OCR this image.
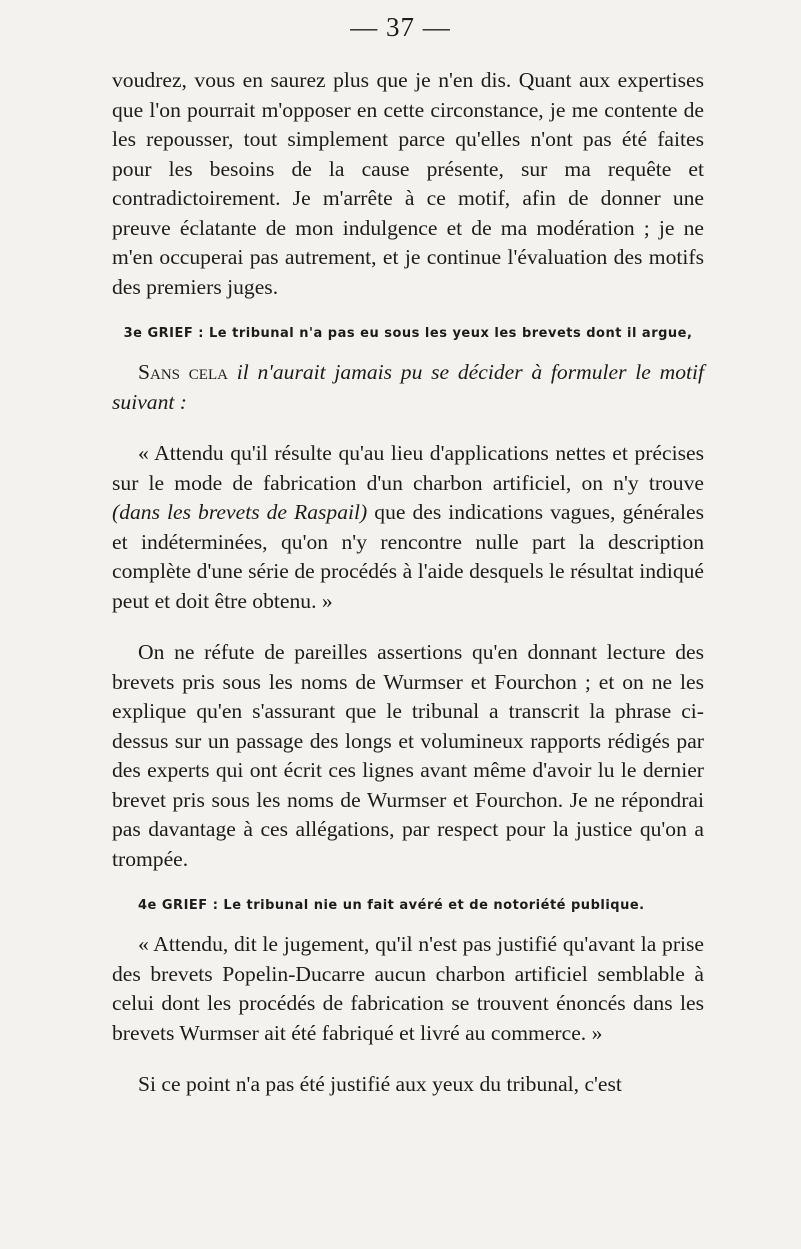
— 37 —

voudrez, vous en saurez plus que je n'en dis. Quant aux expertises que l'on pourrait m'opposer en cette circonstance, je me contente de les repousser, tout simplement parce qu'elles n'ont pas été faites pour les besoins de la cause présente, sur ma requête et contradictoirement. Je m'arrête à ce motif, afin de donner une preuve éclatante de mon indulgence et de ma modération ; je ne m'en occuperai pas autrement, et je continue l'évaluation des motifs des premiers juges.

3e GRIEF : Le tribunal n'a pas eu sous les yeux les brevets dont il argue,

Sans cela il n'aurait jamais pu se décider à formuler le motif suivant :

« Attendu qu'il résulte qu'au lieu d'applications nettes et précises sur le mode de fabrication d'un charbon artificiel, on n'y trouve (dans les brevets de Raspail) que des indications vagues, générales et indéterminées, qu'on n'y rencontre nulle part la description complète d'une série de procédés à l'aide desquels le résultat indiqué peut et doit être obtenu. »

On ne réfute de pareilles assertions qu'en donnant lecture des brevets pris sous les noms de Wurmser et Fourchon ; et on ne les explique qu'en s'assurant que le tribunal a transcrit la phrase ci-dessus sur un passage des longs et volumineux rapports rédigés par des experts qui ont écrit ces lignes avant même d'avoir lu le dernier brevet pris sous les noms de Wurmser et Fourchon. Je ne répondrai pas davantage à ces allégations, par respect pour la justice qu'on a trompée.

4e GRIEF : Le tribunal nie un fait avéré et de notoriété publique.

« Attendu, dit le jugement, qu'il n'est pas justifié qu'avant la prise des brevets Popelin-Ducarre aucun charbon artificiel semblable à celui dont les procédés de fabrication se trouvent énoncés dans les brevets Wurmser ait été fabriqué et livré au commerce. »

Si ce point n'a pas été justifié aux yeux du tribunal, c'est
